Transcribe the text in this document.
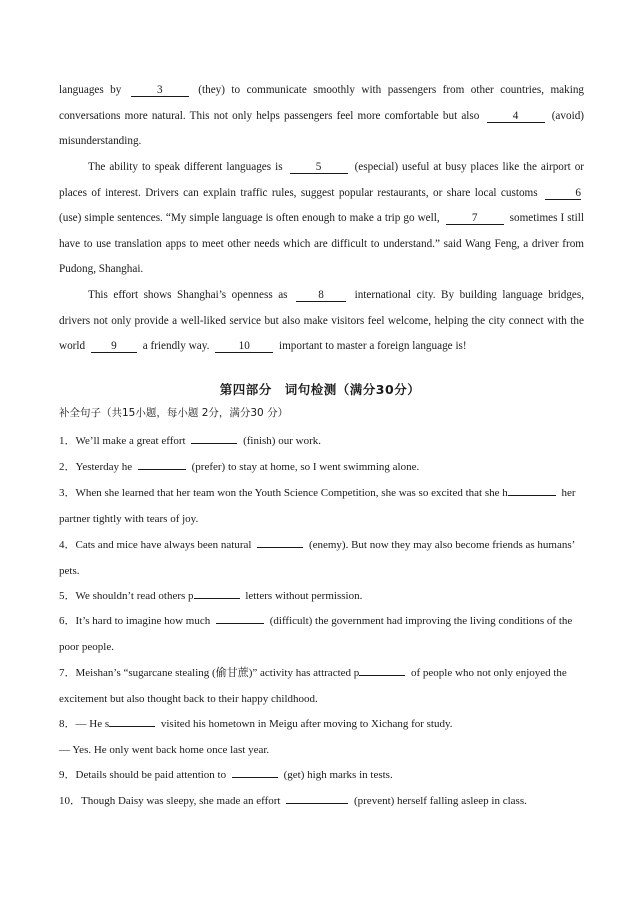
languages by	3	(they) to communicate smoothly with passengers from other countries, making conversations more natural. This not only helps passengers feel more comfortable but also	4	(avoid) misunderstanding.
The ability to speak different languages is	5	(especial) useful at busy places like the airport or places of interest. Drivers can explain traffic rules, suggest popular restaurants, or share local customs	6 (use) simple sentences. “My simple language is often enough to make a trip go well,	7	sometimes I still have to use translation apps to meet other needs which are difficult to understand.” said Wang Feng, a driver from Pudong, Shanghai.
This effort shows Shanghai’s openness as	8	international city. By building language bridges, drivers not only provide a well-liked service but also make visitors feel welcome, helping the city connect with the world 9 a friendly way.	10	important to master a foreign language is!
第四部分　词句检测（满分30分）
补全句子（共15小题，每小题 2分，满分30 分）
1．We’ll make a great effort	(finish) our work.
2．Yesterday he	(prefer) to stay at home, so I went swimming alone.
3．When she learned that her team won the Youth Science Competition, she was so excited that she h	her partner tightly with tears of joy.
4．Cats and mice have always been natural	(enemy). But now they may also become friends as humans’ pets.
5．We shouldn’t read others p	letters without permission.
6．It’s hard to imagine how much	(difficult) the government had improving the living conditions of the poor people.
7．Meishan’s “sugarcane stealing (偷甘蔗)” activity has attracted p	of people who not only enjoyed the excitement but also thought back to their happy childhood.
8．— He s	visited his hometown in Meigu after moving to Xichang for study.
— Yes. He only went back home once last year.
9．Details should be paid attention to	(get) high marks in tests.
10．Though Daisy was sleepy, she made an effort	(prevent) herself falling asleep in class.
